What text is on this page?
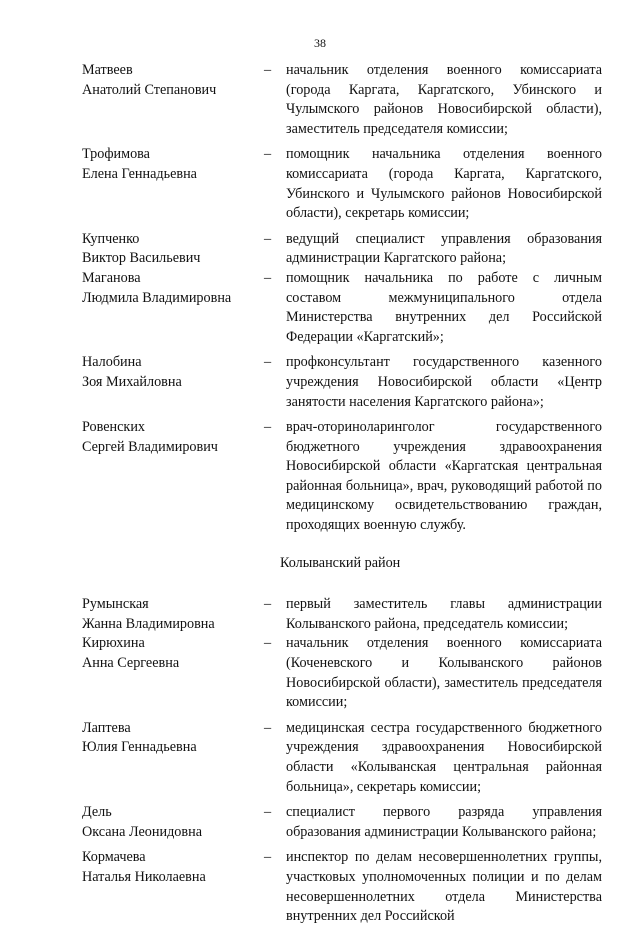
38
Матвеев
Анатолий Степанович
–	начальник отделения военного комиссариата (города Каргата, Каргатского, Убинского и Чулымского районов Новосибирской области), заместитель председателя комиссии;
Трофимова
Елена Геннадьевна
–	помощник начальника отделения военного комиссариата (города Каргата, Каргатского, Убинского и Чулымского районов Новосибирской области), секретарь комиссии;
Купченко
Виктор Васильевич
–	ведущий специалист управления образования администрации Каргатского района;
Маганова
Людмила Владимировна
–	помощник начальника по работе с личным составом межмуниципального отдела Министерства внутренних дел Российской Федерации «Каргатский»;
Налобина
Зоя Михайловна
–	профконсультант государственного казенного учреждения Новосибирской области «Центр занятости населения Каргатского района»;
Ровенских
Сергей Владимирович
–	врач-оториноларинголог государственного бюджетного учреждения здравоохранения Новосибирской области «Каргатская центральная районная больница», врач, руководящий работой по медицинскому освидетельствованию граждан, проходящих военную службу.
Колыванский район
Румынская
Жанна Владимировна
–	первый заместитель главы администрации Колыванского района, председатель комиссии;
Кирюхина
Анна Сергеевна
–	начальник отделения военного комиссариата (Коченевского и Колыванского районов Новосибирской области), заместитель председателя комиссии;
Лаптева
Юлия Геннадьевна
–	медицинская сестра государственного бюджетного учреждения здравоохранения Новосибирской области «Колыванская центральная районная больница», секретарь комиссии;
Дель
Оксана Леонидовна
–	специалист первого разряда управления образования администрации Колыванского района;
Кормачева
Наталья Николаевна
–	инспектор по делам несовершеннолетних группы, участковых уполномоченных полиции и по делам несовершеннолетних отдела Министерства внутренних дел Российской
